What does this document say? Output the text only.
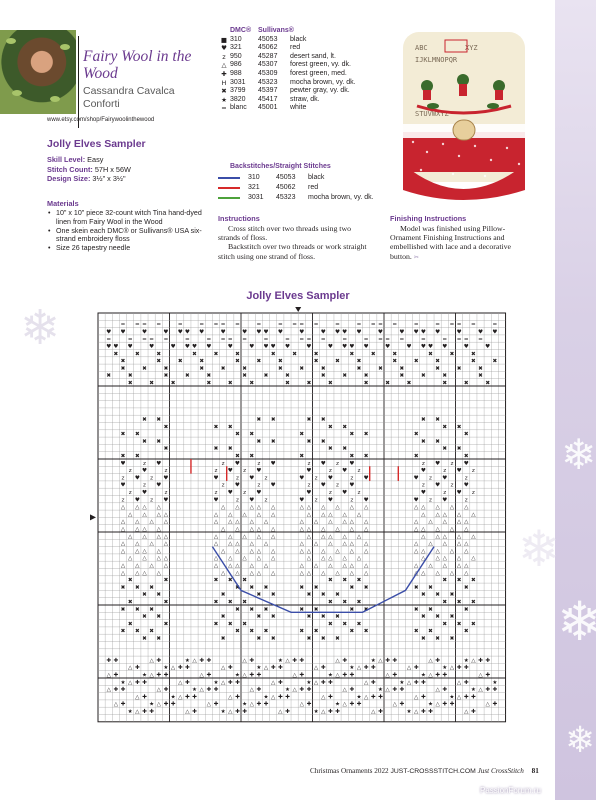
❄
❄
❄
❄
❄
Fairy Wool in the Wood
Cassandra Cavalca Conforti
www.etsy.com/shop/Fairywoolinthewood
Jolly Elves Sampler
Skill Level: Easy
Stitch Count: 57H x 56W
Design Size: 3½" x 3½"
Materials
• 10" x 10" piece 32-count witch Tina hand-dyed linen from Fairy Wool in the Wood
• One skein each DMC® or Sullivans® USA six-strand embroidery floss
• Size 26 tapestry needle
DMC® Sullivans®
■ 310	45053	black
♥ 321	45062	red
z 950	45287	desert sand, lt.
△ 986	45307	forest green, vy. dk.
✚ 988	45309	forest green, med.
H 3031	45323	mocha brown, vy. dk.
✖ 3799	45397	pewter gray, vy. dk.
★ 3820	45417	straw, dk.
= blanc	45001	white
Backstitches/Straight Stitches
310	45053	black
321	45062	red
3031	45323	mocha brown, vy. dk.
Instructions

Cross stitch over two threads using two strands of floss.

Backstitch over two threads or work straight stitch using one strand of floss.

Finishing Instructions
Model was finished using Pillow-Ornament Finishing Instructions and embellished with lace and a decorative button. ✂
ABC	XYZ
IJKLMNOPQR
STUVWXYZ
Jolly Elves Sampler
= = = =	=	= = = =	=	= = = =	=	= = = =	=	= = = =	=
♥ ♥	♥	♥ ♥ ♥ ♥	♥	♥ ♥ ♥ ♥	♥	♥ ♥ ♥ ♥	♥	♥ ♥ ♥ ♥	♥	♥ ♥
=	= = = =	=	= = = =	=	= = = =	=	= = = =	=	= = = =
♥ ♥ ♥	♥	♥ ♥ ♥ ♥	♥	♥ ♥ ♥ ♥	♥	♥ ♥ ♥ ♥	♥	♥ ♥ ♥ ♥	♥	♥
✖	✖	✖	✖	✖	✖	✖	✖	✖	✖	✖	✖	✖	✖	✖
✖	✖	✖	✖	✖	✖	✖	✖	✖	✖	✖	✖	✖	✖	✖
✖	✖	✖	✖	✖	✖	✖	✖	✖	✖	✖	✖	✖	✖	✖
✖	✖	✖	✖	✖	✖	✖	✖	✖	✖	✖	✖	✖	✖	✖
✖	✖	✖	✖	✖	✖	✖	✖	✖	✖	✖	✖	✖	✖	✖
✖ ✖	✖ ✖	✖ ✖	✖ ✖
✖	✖ ✖	✖ ✖	✖ ✖
✖ ✖	✖ ✖	✖	✖ ✖	✖	✖
✖ ✖	✖ ✖	✖ ✖	✖ ✖
✖	✖ ✖	✖ ✖	✖ ✖
✖ ✖	✖ ✖	✖	✖ ✖	✖	✖
♥	z ♥	z ♥	z ♥	z ♥ z ♥	z ♥ z ♥
z ♥	z	z ♥ z ♥	♥	z ♥ z	♥	z ♥ z
z ♥ z ♥	♥	z ♥ z	♥ z ♥	z ♥	♥ z ♥	z
♥	z ♥	z ♥	z ♥	z ♥ z ♥	z ♥ z ♥
z ♥	z	z ♥ z ♥	♥	z ♥ z	♥	z ♥ z
z ♥ z ♥	♥	z ♥ z	♥ z ♥	z ♥	♥ z ♥	z
△ △ △ △	△ △ △ △ △	△ △ △ △ △ △	△ △ △ △ △
△ △ △ △	△ △ △ △ △	△ △ △ △ △	△ △ △ △ △
△ △ △ △	△ △ △ △ △	△ △ △ △ △ △	△ △ △ △ △
△ △ △ △	△ △ △ △ △	△ △ △ △ △ △	△ △ △ △ △
△ △ △ △	△ △ △ △ △	△ △ △ △ △	△ △ △ △ △
△ △ △ △	△ △ △ △ △	△ △ △ △ △ △	△ △ △ △ △
△ △ △ △	△ △ △ △ △	△ △ △ △ △ △	△ △ △ △ △
△ △ △ △	△ △ △ △ △	△ △ △ △ △	△ △ △ △ △
△ △ △ △	△ △ △ △ △	△ △ △ △ △ △	△ △ △ △ △
△ △ △ △	△ △ △ △ △	△ △ △ △ △ △	△ △ △ △ △
✖	✖	✖ ✖ ✖	✖ ✖ ✖	✖ ✖ ✖
✖ ✖ ✖	✖ ✖ ✖	✖ ✖	✖ ✖	✖ ✖	✖
✖ ✖	✖	✖ ✖	✖ ✖ ✖	✖ ✖ ✖
✖	✖	✖ ✖ ✖	✖ ✖ ✖	✖ ✖ ✖
✖ ✖ ✖	✖ ✖ ✖	✖ ✖	✖ ✖	✖ ✖	✖
✖ ✖	✖	✖ ✖	✖ ✖ ✖	✖ ✖ ✖
✖	✖	✖ ✖ ✖	✖ ✖ ✖	✖ ✖ ✖
✖ ✖ ✖	✖ ✖ ✖	✖ ✖	✖ ✖	✖ ✖	✖
✖ ✖	✖	✖ ✖	✖ ✖ ✖	✖ ✖ ✖
✚ ✚	△ ✚	★ △ ✚ ✚	△ ✚	★ △ ✚ ✚	△ ✚	★ △ ✚ ✚	△ ✚	★ △ ✚ ✚
△ ✚	★ △ ✚ ✚	△ ✚	★ △ ✚ ✚	△ ✚	★ △ ✚ ✚	△ ✚	★ △ ✚ ✚
△ ✚	★ △ ✚ ✚	△ ✚	★ △ ✚ ✚	△ ✚	★ △ ✚ ✚	△ ✚	★ △ ✚ ✚	△ ✚
★ △ ✚ ✚	△ ✚	★ △ ✚ ✚	△ ✚	★ △ ✚ ✚	△ ✚	★ △ ✚ ✚	△ ✚	★
△ ✚ ✚	△ ✚	★ △ ✚ ✚	△ ✚	★ △ ✚ ✚	△ ✚	★ △ ✚ ✚	△ ✚	★ △ ✚ ✚
△ ✚	★ △ ✚ ✚	△ ✚	★ △ ✚ ✚	△ ✚	★ △ ✚ ✚	△ ✚	★ △ ✚ ✚
△ ✚	★ △ ✚ ✚	△ ✚	★ △ ✚ ✚	△ ✚	★ △ ✚ ✚	△ ✚	★ △ ✚ ✚	△ ✚
★ △ ✚ ✚	△ ✚	★ △ ✚ ✚	△ ✚	★ △ ✚ ✚	△ ✚	★ △ ✚ ✚	△ ✚
Christmas Ornaments 2022 JUST-CROSSSTITCH.COM Just CrossStitch 81
PassionForum.ru
